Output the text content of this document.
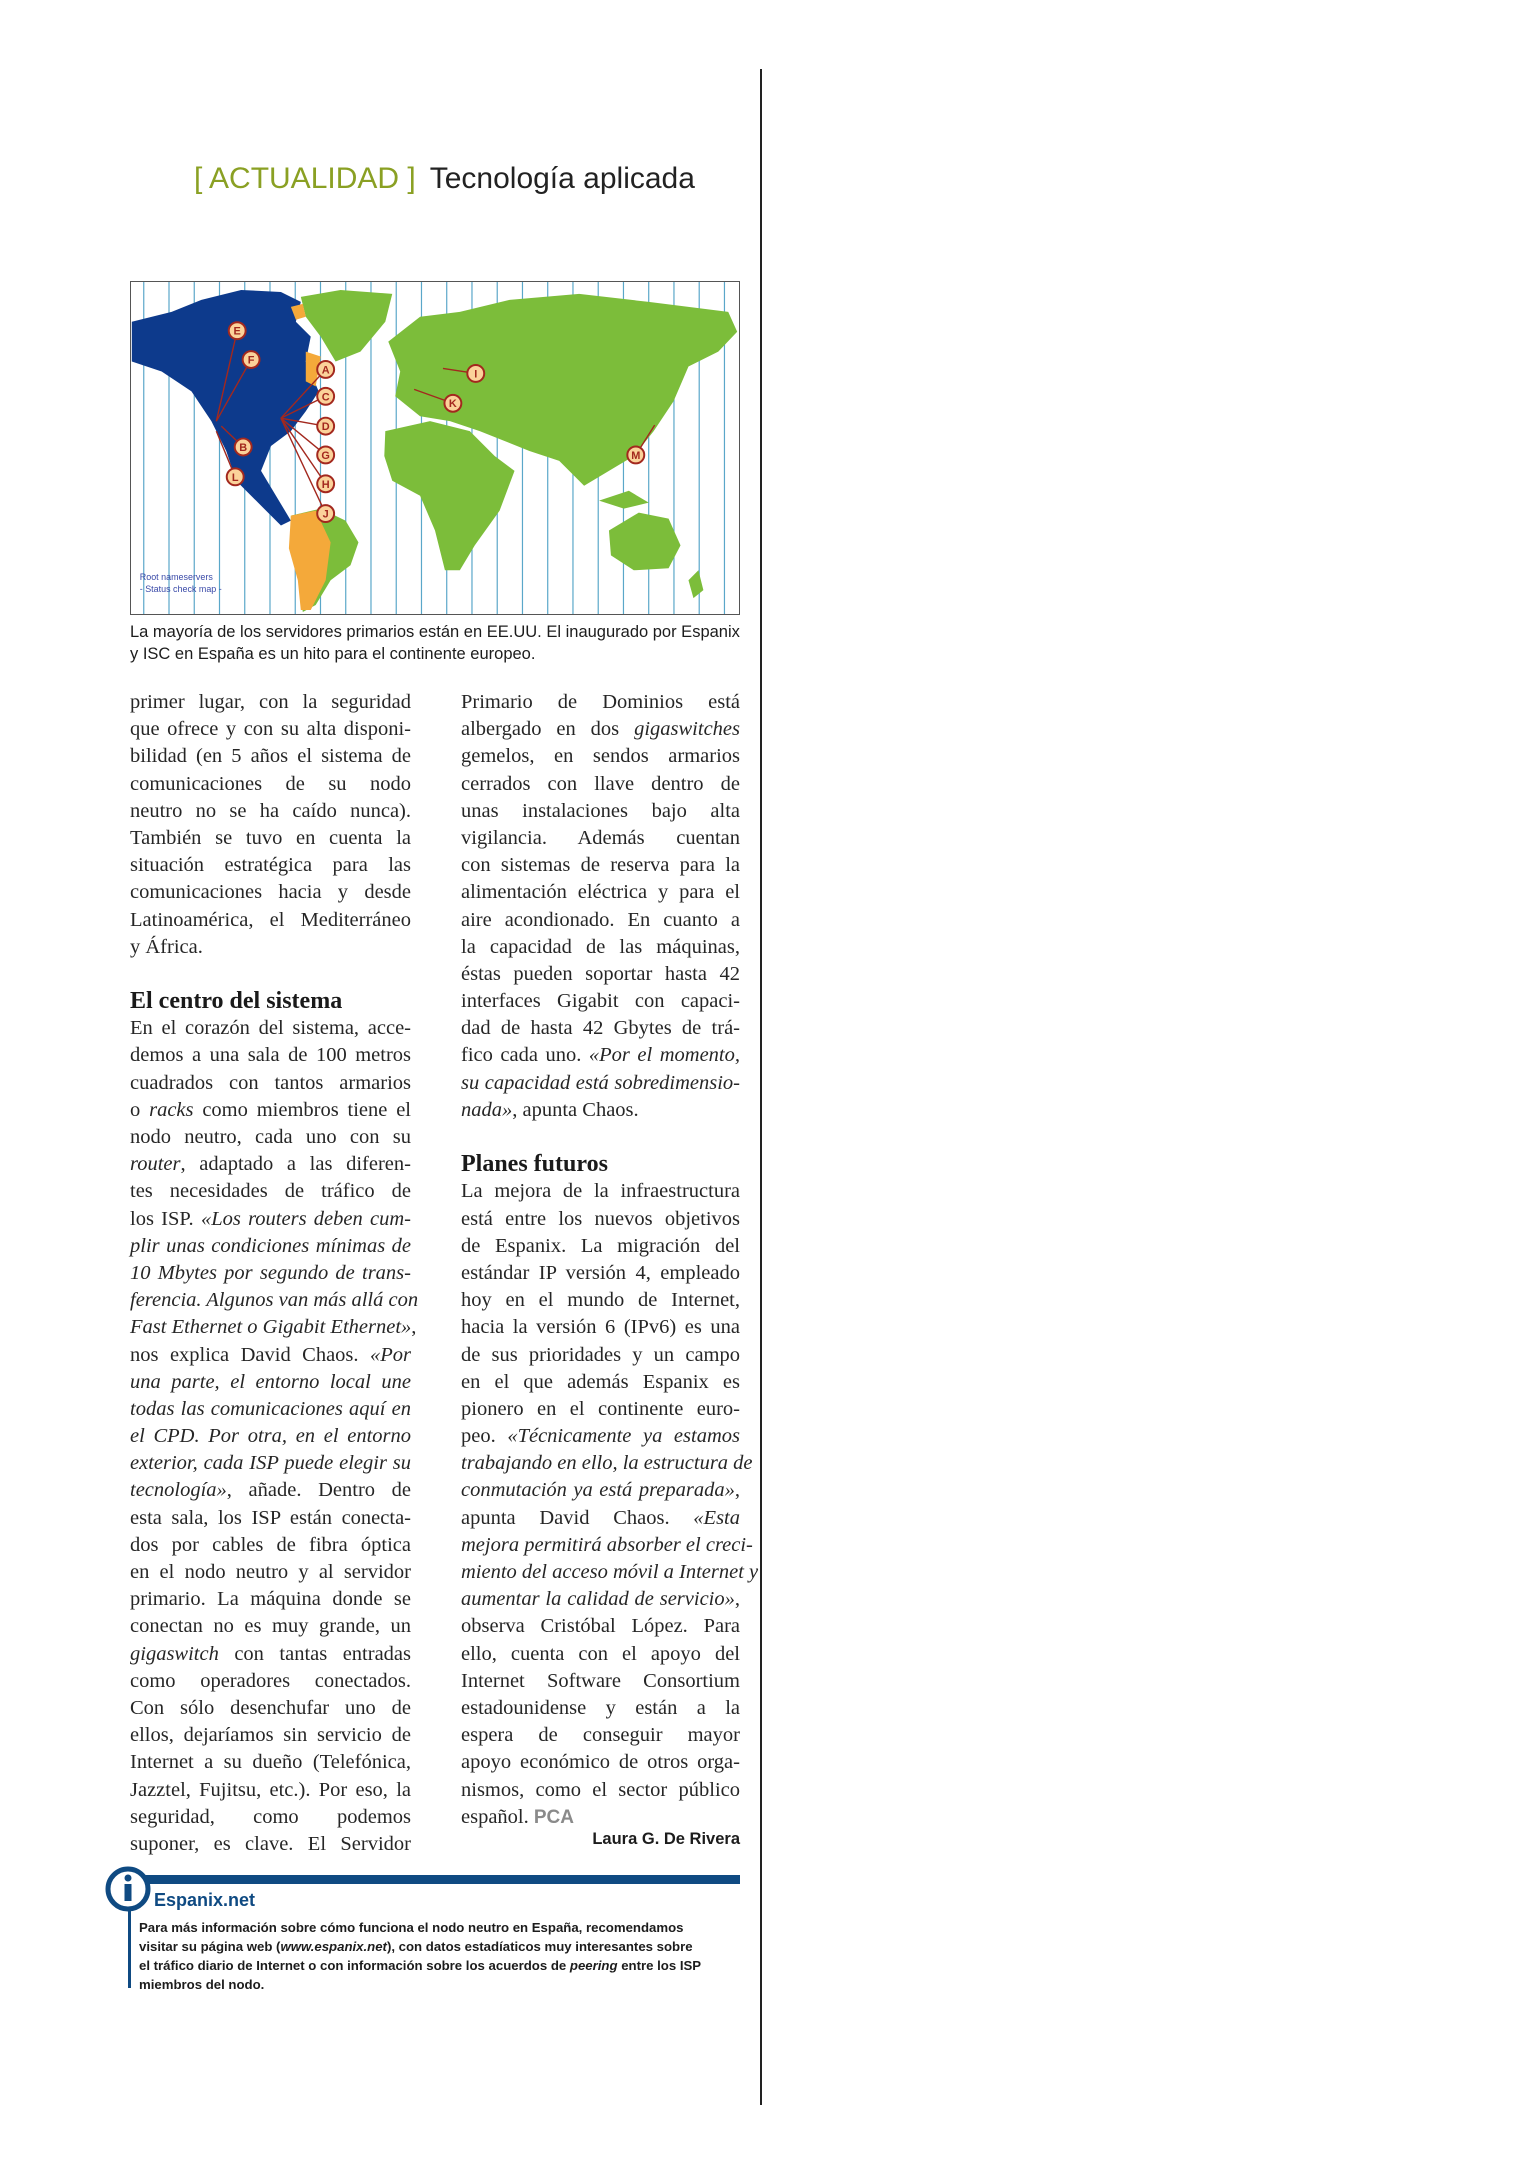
[ ACTUALIDAD ] Tecnología aplicada
A
B
C
D
E
F
G
H
I
J
K
L
M
Root nameservers
- Status check map -
La mayoría de los servidores primarios están en EE.UU. El inaugurado por Espanix
y ISC en España es un hito para el continente europeo.
primer lugar, con la seguridad
que ofrece y con su alta disponi-
bilidad (en 5 años el sistema de
comunicaciones de su nodo
neutro no se ha caído nunca).
También se tuvo en cuenta la
situación estratégica para las
comunicaciones hacia y desde
Latinoamérica, el Mediterráneo
y África.
El centro del sistema
En el corazón del sistema, acce-
demos a una sala de 100 metros
cuadrados con tantos armarios
o racks como miembros tiene el
nodo neutro, cada uno con su
router, adaptado a las diferen-
tes necesidades de tráfico de
los ISP. «Los routers deben cum-
plir unas condiciones mínimas de
10 Mbytes por segundo de trans-
ferencia. Algunos van más allá con
Fast Ethernet o Gigabit Ethernet»,
nos explica David Chaos. «Por
una parte, el entorno local une
todas las comunicaciones aquí en
el CPD. Por otra, en el entorno
exterior, cada ISP puede elegir su
tecnología», añade. Dentro de
esta sala, los ISP están conecta-
dos por cables de fibra óptica
en el nodo neutro y al servidor
primario. La máquina donde se
conectan no es muy grande, un
gigaswitch con tantas entradas
como operadores conectados.
Con sólo desenchufar uno de
ellos, dejaríamos sin servicio de
Internet a su dueño (Telefónica,
Jazztel, Fujitsu, etc.). Por eso, la
seguridad, como podemos
suponer, es clave. El Servidor
Primario de Dominios está
albergado en dos gigaswitches
gemelos, en sendos armarios
cerrados con llave dentro de
unas instalaciones bajo alta
vigilancia. Además cuentan
con sistemas de reserva para la
alimentación eléctrica y para el
aire acondionado. En cuanto a
la capacidad de las máquinas,
éstas pueden soportar hasta 42
interfaces Gigabit con capaci-
dad de hasta 42 Gbytes de trá-
fico cada uno. «Por el momento,
su capacidad está sobredimensio-
nada», apunta Chaos.
Planes futuros
La mejora de la infraestructura
está entre los nuevos objetivos
de Espanix. La migración del
estándar IP versión 4, empleado
hoy en el mundo de Internet,
hacia la versión 6 (IPv6) es una
de sus prioridades y un campo
en el que además Espanix es
pionero en el continente euro-
peo. «Técnicamente ya estamos
trabajando en ello, la estructura de
conmutación ya está preparada»,
apunta David Chaos. «Esta
mejora permitirá absorber el creci-
miento del acceso móvil a Internet y
aumentar la calidad de servicio»,
observa Cristóbal López. Para
ello, cuenta con el apoyo del
Internet Software Consortium
estadounidense y están a la
espera de conseguir mayor
apoyo económico de otros orga-
nismos, como el sector público
español. PCA
Laura G. De Rivera
Espanix.net
Para más información sobre cómo funciona el nodo neutro en España, recomendamos
visitar su página web (www.espanix.net), con datos estadíaticos muy interesantes sobre
el tráfico diario de Internet o con información sobre los acuerdos de peering entre los ISP
miembros del nodo.
